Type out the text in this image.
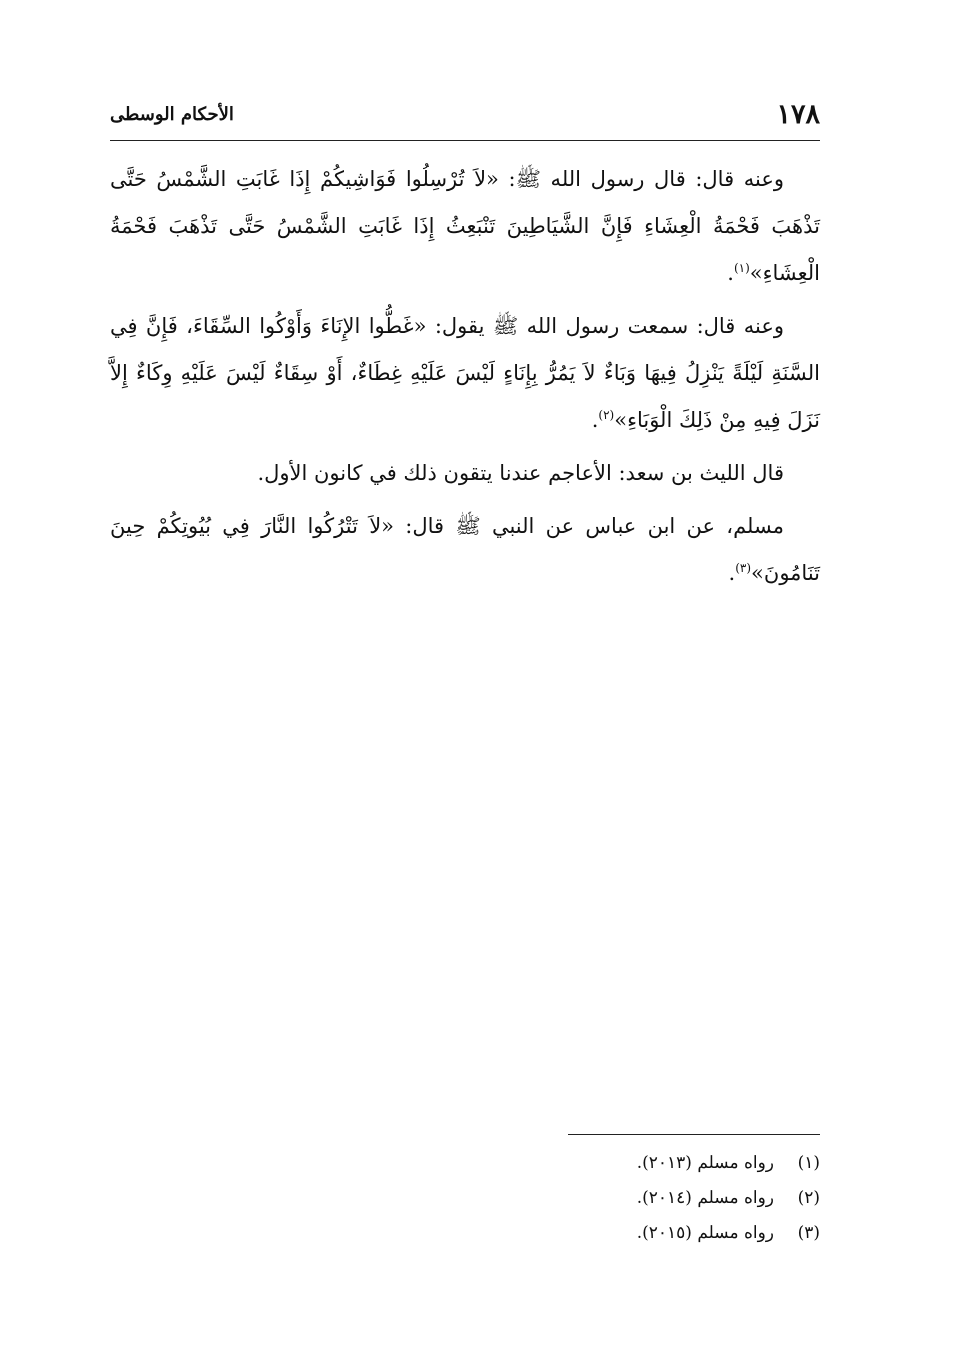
١٧٨
الأحكام الوسطى

وعنه قال: قال رسول الله ﷺ: «لاَ تُرْسِلُوا فَوَاشِيكُمْ إِذَا غَابَتِ الشَّمْسُ حَتَّى تَذْهَبَ فَحْمَةُ الْعِشَاءِ فَإِنَّ الشَّيَاطِينَ تَنْبَعِثُ إِذَا غَابَتِ الشَّمْسُ حَتَّى تَذْهَبَ فَحْمَةُ الْعِشَاءِ»$^{(١)}$.

وعنه قال: سمعت رسول الله ﷺ يقول: «غَطُّوا الإِنَاءَ وَأَوْكُوا السِّقَاءَ، فَإِنَّ فِي السَّنَةِ لَيْلَةً يَنْزِلُ فِيهَا وَبَاءٌ لاَ يَمُرُّ بِإِنَاءٍ لَيْسَ عَلَيْهِ غِطَاءٌ، أَوْ سِقَاءٌ لَيْسَ عَلَيْهِ وِكَاءٌ إِلاَّ نَزَلَ فِيهِ مِنْ ذَلِكَ الْوَبَاءِ»$^{(٢)}$.

قال الليث بن سعد: الأعاجم عندنا يتقون ذلك في كانون الأول.

مسلم، عن ابن عباس عن النبي ﷺ قال: «لاَ تَتْرُكُوا النَّارَ فِي بُيُوتِكُمْ حِينَ تَنَامُونَ»$^{(٣)}$.

(١)
رواه مسلم (٢٠١٣).
(٢)
رواه مسلم (٢٠١٤).
(٣)
رواه مسلم (٢٠١٥).
